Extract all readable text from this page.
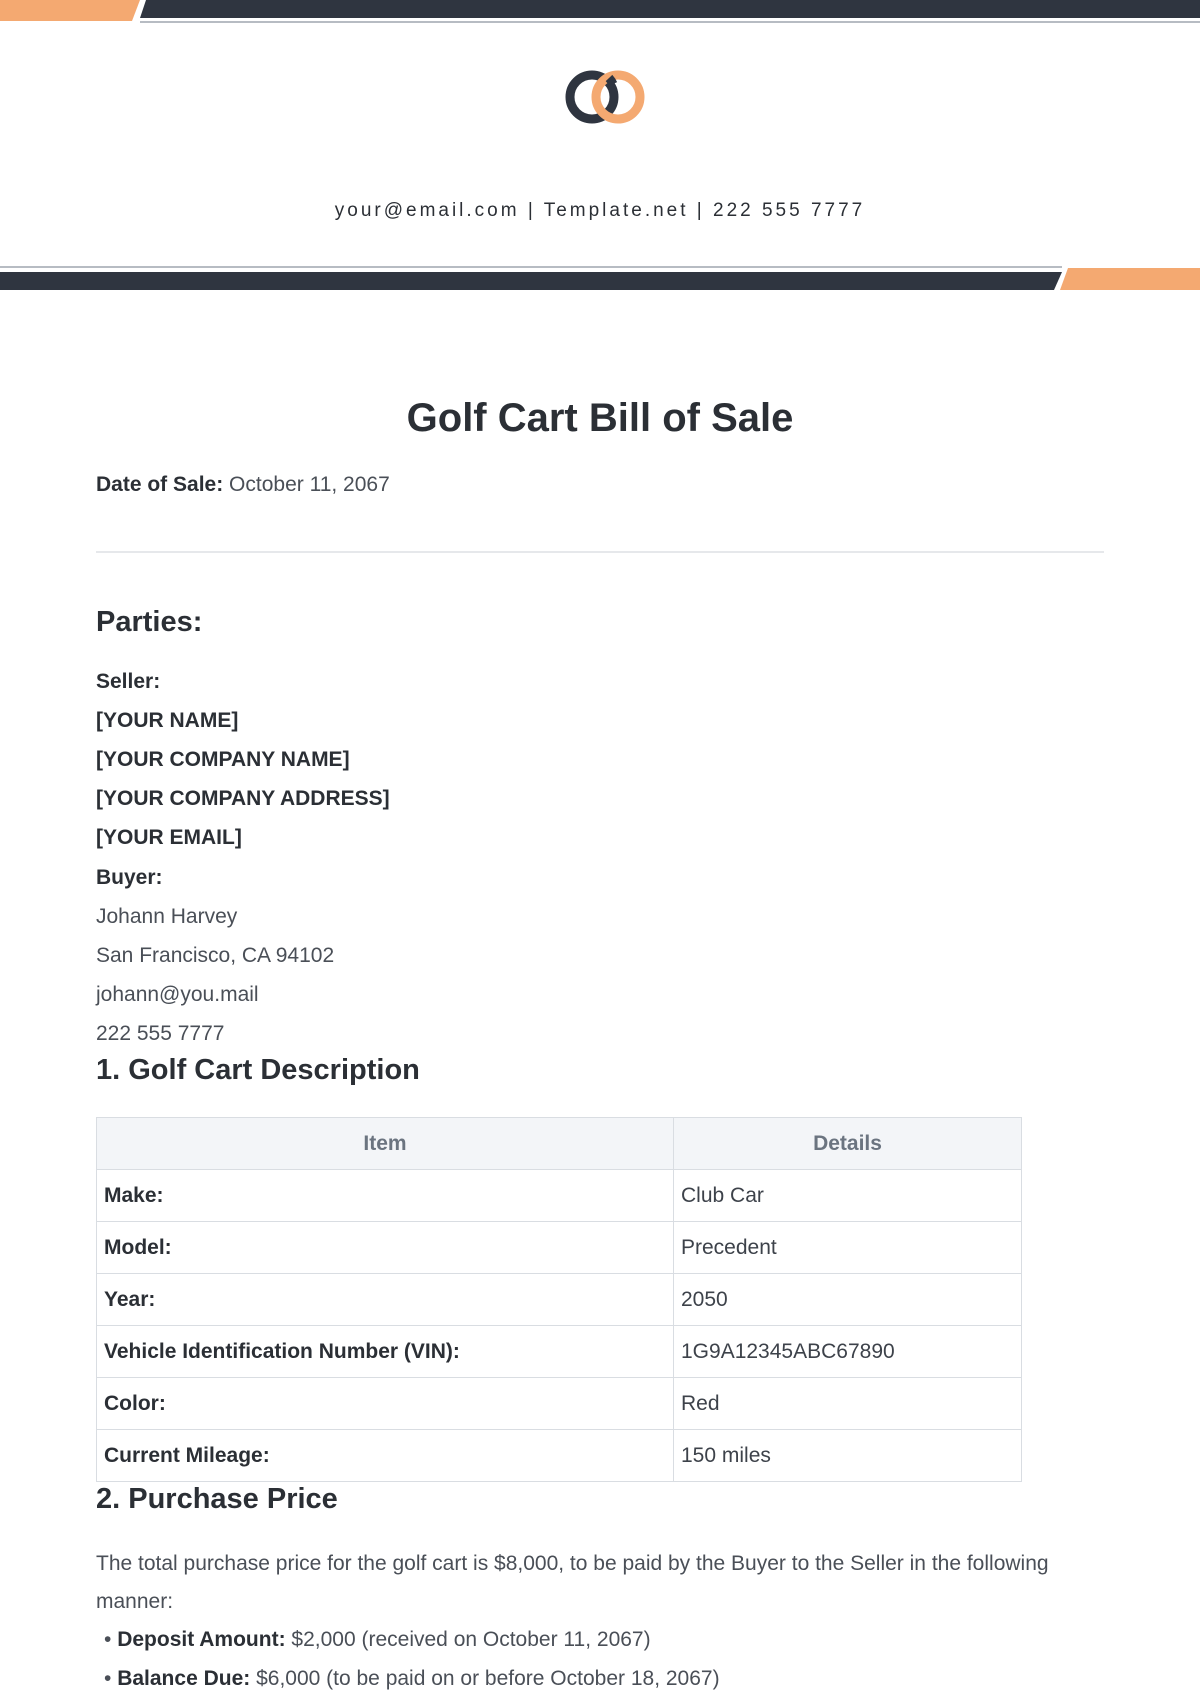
your@email.com | Template.net | 222 555 7777
Golf Cart Bill of Sale
Date of Sale: October 11, 2067
Parties:
Seller:
[YOUR NAME]
[YOUR COMPANY NAME]
[YOUR COMPANY ADDRESS]
[YOUR EMAIL]
Buyer:
Johann Harvey
San Francisco, CA 94102
johann@you.mail
222 555 7777
1. Golf Cart Description
Item	Details
Make:	Club Car
Model:	Precedent
Year:	2050
Vehicle Identification Number (VIN):	1G9A12345ABC67890
Color:	Red
Current Mileage:	150 miles
2. Purchase Price
The total purchase price for the golf cart is $8,000, to be paid by the Buyer to the Seller in the following manner:
• Deposit Amount: $2,000 (received on October 11, 2067)
• Balance Due: $6,000 (to be paid on or before October 18, 2067)
